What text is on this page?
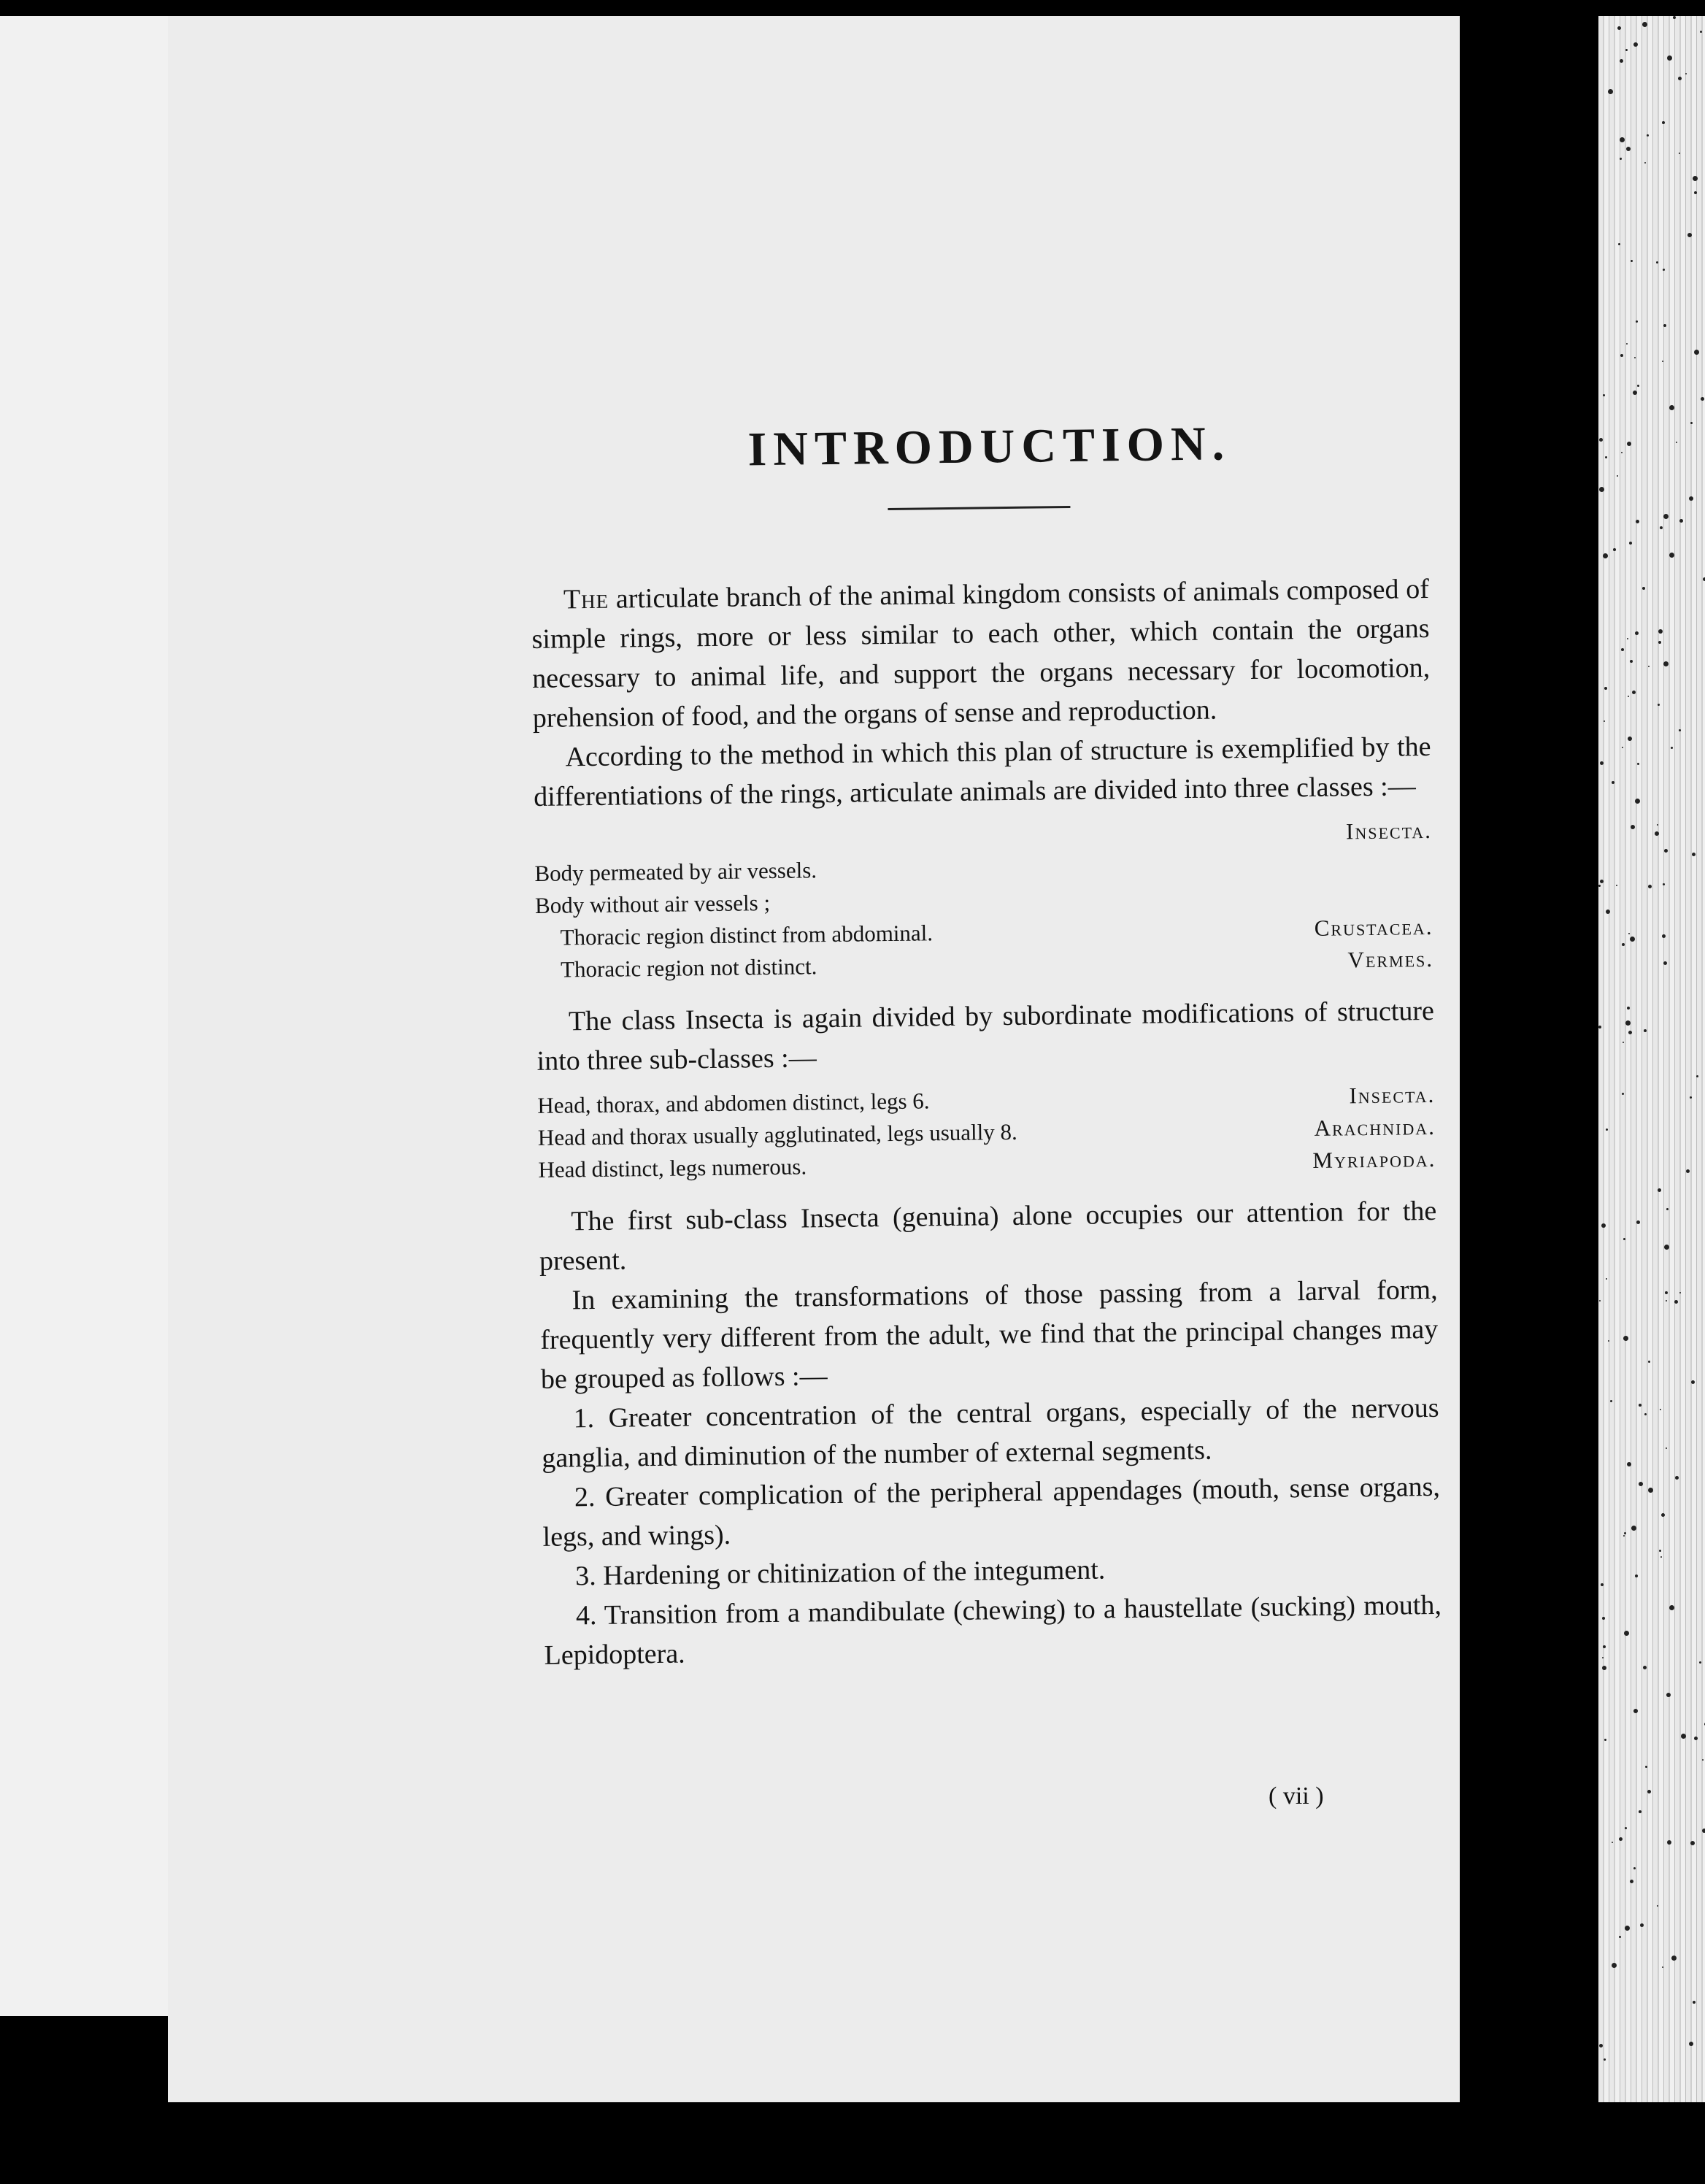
INTRODUCTION.

The articulate branch of the animal kingdom consists of animals composed of simple rings, more or less similar to each other, which contain the organs necessary to animal life, and support the organs necessary for locomotion, prehension of food, and the organs of sense and reproduction.

According to the method in which this plan of structure is exemplified by the differentiations of the rings, articulate animals are divided into three classes :—

	Insecta.
Body permeated by air vessels.	
Body without air vessels ;	
Thoracic region distinct from abdominal.	Crustacea.
Thoracic region not distinct.	Vermes.

The class Insecta is again divided by subordinate modifications of structure into three sub-classes :—

Head, thorax, and abdomen distinct, legs 6.	Insecta.
Head and thorax usually agglutinated, legs usually 8.	Arachnida.
Head distinct, legs numerous.	Myriapoda.

The first sub-class Insecta (genuina) alone occupies our attention for the present.

In examining the transformations of those passing from a larval form, frequently very different from the adult, we find that the principal changes may be grouped as follows :—

1. Greater concentration of the central organs, especially of the nervous ganglia, and diminution of the number of external segments.

2. Greater complication of the peripheral appendages (mouth, sense organs, legs, and wings).

3. Hardening or chitinization of the integument.

4. Transition from a mandibulate (chewing) to a haustellate (sucking) mouth, Lepidoptera.

( vii )
